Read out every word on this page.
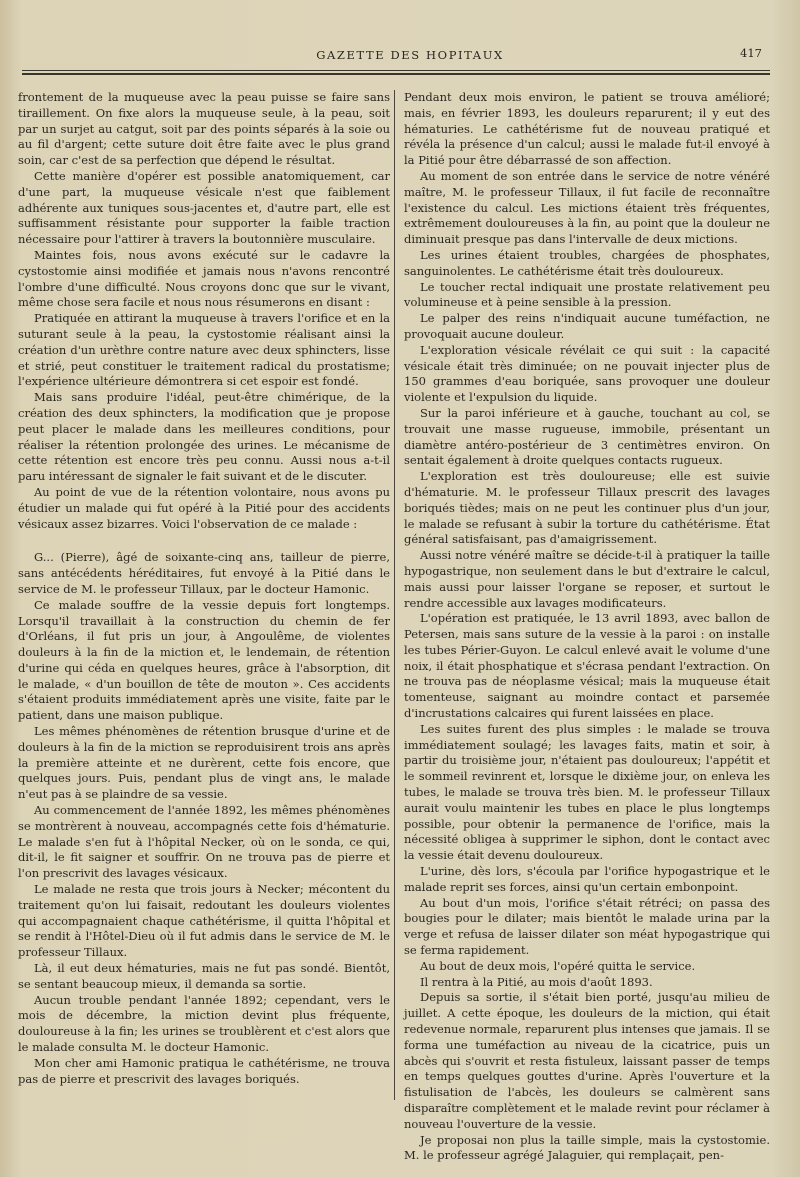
GAZETTE DES HOPITAUX	417

frontement de la muqueuse avec la peau puisse se faire sans tiraillement. On fixe alors la muqueuse seule, à la peau, soit par un surjet au catgut, soit par des points séparés à la soie ou au fil d'argent; cette suture doit être faite avec le plus grand soin, car c'est de sa perfection que dépend le résultat.

Cette manière d'opérer est possible anatomiquement, car d'une part, la muqueuse vésicale n'est que faiblement adhérente aux tuniques sous-jacentes et, d'autre part, elle est suffisamment résistante pour supporter la faible traction nécessaire pour l'attirer à travers la boutonnière musculaire.

Maintes fois, nous avons exécuté sur le cadavre la cystostomie ainsi modifiée et jamais nous n'avons rencontré l'ombre d'une difficulté. Nous croyons donc que sur le vivant, même chose sera facile et nous nous résumerons en disant :

Pratiquée en attirant la muqueuse à travers l'orifice et en la suturant seule à la peau, la cystostomie réalisant ainsi la création d'un urèthre contre nature avec deux sphincters, lisse et strié, peut constituer le traitement radical du prostatisme; l'expérience ultérieure démontrera si cet espoir est fondé.

Mais sans produire l'idéal, peut-être chimérique, de la création des deux sphincters, la modification que je propose peut placer le malade dans les meilleures conditions, pour réaliser la rétention prolongée des urines. Le mécanisme de cette rétention est encore très peu connu. Aussi nous a-t-il paru intéressant de signaler le fait suivant et de le discuter.

Au point de vue de la rétention volontaire, nous avons pu étudier un malade qui fut opéré à la Pitié pour des accidents vésicaux assez bizarres. Voici l'observation de ce malade :

G... (Pierre), âgé de soixante-cinq ans, tailleur de pierre, sans antécédents héréditaires, fut envoyé à la Pitié dans le service de M. le professeur Tillaux, par le docteur Hamonic.

Ce malade souffre de la vessie depuis fort longtemps. Lorsqu'il travaillait à la construction du chemin de fer d'Orléans, il fut pris un jour, à Angoulême, de violentes douleurs à la fin de la miction et, le lendemain, de rétention d'urine qui céda en quelques heures, grâce à l'absorption, dit le malade, « d'un bouillon de tête de mouton ». Ces accidents s'étaient produits immédiatement après une visite, faite par le patient, dans une maison publique.

Les mêmes phénomènes de rétention brusque d'urine et de douleurs à la fin de la miction se reproduisirent trois ans après la première atteinte et ne durèrent, cette fois encore, que quelques jours. Puis, pendant plus de vingt ans, le malade n'eut pas à se plaindre de sa vessie.

Au commencement de l'année 1892, les mêmes phénomènes se montrèrent à nouveau, accompagnés cette fois d'hématurie. Le malade s'en fut à l'hôpital Necker, où on le sonda, ce qui, dit-il, le fit saigner et souffrir. On ne trouva pas de pierre et l'on prescrivit des lavages vésicaux.

Le malade ne resta que trois jours à Necker; mécontent du traitement qu'on lui faisait, redoutant les douleurs violentes qui accompagnaient chaque cathétérisme, il quitta l'hôpital et se rendit à l'Hôtel-Dieu où il fut admis dans le service de M. le professeur Tillaux.

Là, il eut deux hématuries, mais ne fut pas sondé. Bientôt, se sentant beaucoup mieux, il demanda sa sortie.

Aucun trouble pendant l'année 1892; cependant, vers le mois de décembre, la miction devint plus fréquente, douloureuse à la fin; les urines se troublèrent et c'est alors que le malade consulta M. le docteur Hamonic.

Mon cher ami Hamonic pratiqua le cathétérisme, ne trouva pas de pierre et prescrivit des lavages boriqués.

Pendant deux mois environ, le patient se trouva amélioré; mais, en février 1893, les douleurs reparurent; il y eut des hématuries. Le cathétérisme fut de nouveau pratiqué et révéla la présence d'un calcul; aussi le malade fut-il envoyé à la Pitié pour être débarrassé de son affection.

Au moment de son entrée dans le service de notre vénéré maître, M. le professeur Tillaux, il fut facile de reconnaître l'existence du calcul. Les mictions étaient très fréquentes, extrêmement douloureuses à la fin, au point que la douleur ne diminuait presque pas dans l'intervalle de deux mictions.

Les urines étaient troubles, chargées de phosphates, sanguinolentes. Le cathétérisme était très douloureux.

Le toucher rectal indiquait une prostate relativement peu volumineuse et à peine sensible à la pression.

Le palper des reins n'indiquait aucune tuméfaction, ne provoquait aucune douleur.

L'exploration vésicale révélait ce qui suit : la capacité vésicale était très diminuée; on ne pouvait injecter plus de 150 grammes d'eau boriquée, sans provoquer une douleur violente et l'expulsion du liquide.

Sur la paroi inférieure et à gauche, touchant au col, se trouvait une masse rugueuse, immobile, présentant un diamètre antéro-postérieur de 3 centimètres environ. On sentait également à droite quelques contacts rugueux.

L'exploration est très douloureuse; elle est suivie d'hématurie. M. le professeur Tillaux prescrit des lavages boriqués tièdes; mais on ne peut les continuer plus d'un jour, le malade se refusant à subir la torture du cathétérisme. État général satisfaisant, pas d'amaigrissement.

Aussi notre vénéré maître se décide-t-il à pratiquer la taille hypogastrique, non seulement dans le but d'extraire le calcul, mais aussi pour laisser l'organe se reposer, et surtout le rendre accessible aux lavages modificateurs.

L'opération est pratiquée, le 13 avril 1893, avec ballon de Petersen, mais sans suture de la vessie à la paroi : on installe les tubes Périer-Guyon. Le calcul enlevé avait le volume d'une noix, il était phosphatique et s'écrasa pendant l'extraction. On ne trouva pas de néoplasme vésical; mais la muqueuse était tomenteuse, saignant au moindre contact et parsemée d'incrustations calcaires qui furent laissées en place.

Les suites furent des plus simples : le malade se trouva immédiatement soulagé; les lavages faits, matin et soir, à partir du troisième jour, n'étaient pas douloureux; l'appétit et le sommeil revinrent et, lorsque le dixième jour, on enleva les tubes, le malade se trouva très bien. M. le professeur Tillaux aurait voulu maintenir les tubes en place le plus longtemps possible, pour obtenir la permanence de l'orifice, mais la nécessité obligea à supprimer le siphon, dont le contact avec la vessie était devenu douloureux.

L'urine, dès lors, s'écoula par l'orifice hypogastrique et le malade reprit ses forces, ainsi qu'un certain embonpoint.

Au bout d'un mois, l'orifice s'était rétréci; on passa des bougies pour le dilater; mais bientôt le malade urina par la verge et refusa de laisser dilater son méat hypogastrique qui se ferma rapidement.

Au bout de deux mois, l'opéré quitta le service.

Il rentra à la Pitié, au mois d'août 1893.

Depuis sa sortie, il s'était bien porté, jusqu'au milieu de juillet. A cette époque, les douleurs de la miction, qui était redevenue normale, reparurent plus intenses que jamais. Il se forma une tuméfaction au niveau de la cicatrice, puis un abcès qui s'ouvrit et resta fistuleux, laissant passer de temps en temps quelques gouttes d'urine. Après l'ouverture et la fistulisation de l'abcès, les douleurs se calmèrent sans disparaître complètement et le malade revint pour réclamer à nouveau l'ouverture de la vessie.

Je proposai non plus la taille simple, mais la cystostomie. M. le professeur agrégé Jalaguier, qui remplaçait, pen-
